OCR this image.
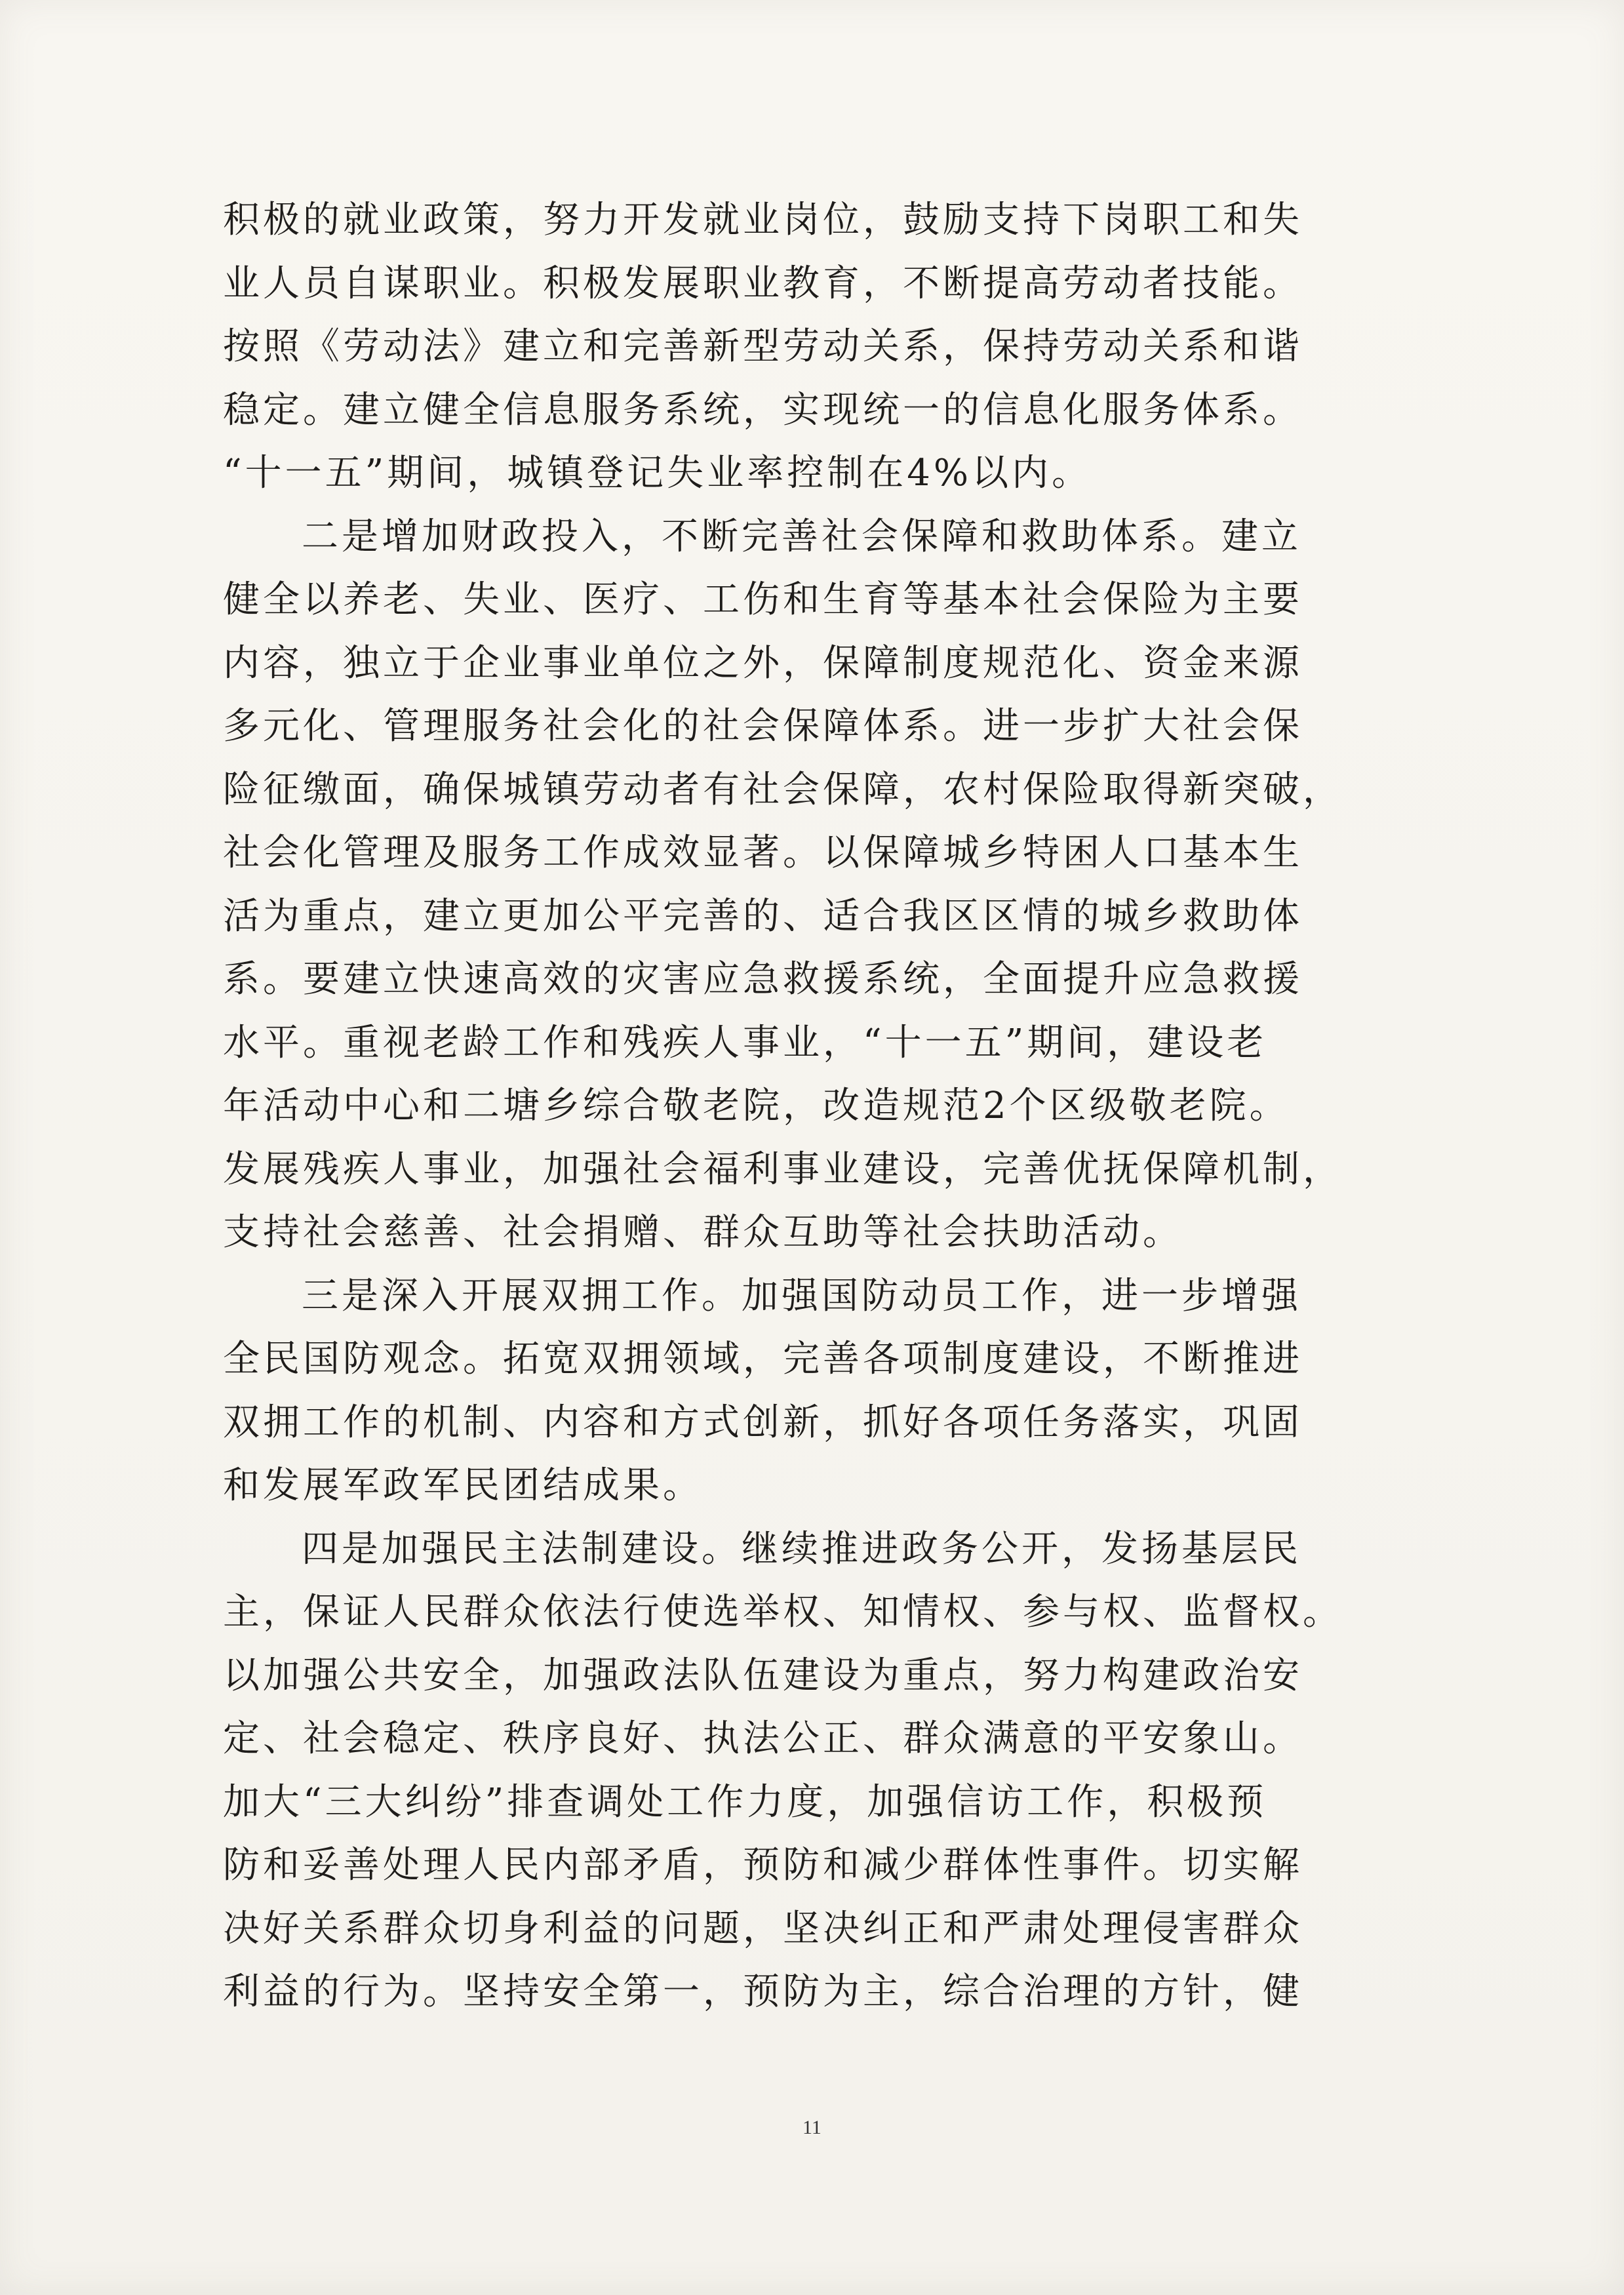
积极的就业政策，努力开发就业岗位，鼓励支持下岗职工和失
业人员自谋职业。积极发展职业教育，不断提高劳动者技能。
按照《劳动法》建立和完善新型劳动关系，保持劳动关系和谐
稳定。建立健全信息服务系统，实现统一的信息化服务体系。
“十一五”期间，城镇登记失业率控制在4%以内。
二是增加财政投入，不断完善社会保障和救助体系。建立
健全以养老、失业、医疗、工伤和生育等基本社会保险为主要
内容，独立于企业事业单位之外，保障制度规范化、资金来源
多元化、管理服务社会化的社会保障体系。进一步扩大社会保
险征缴面，确保城镇劳动者有社会保障，农村保险取得新突破，
社会化管理及服务工作成效显著。以保障城乡特困人口基本生
活为重点，建立更加公平完善的、适合我区区情的城乡救助体
系。要建立快速高效的灾害应急救援系统，全面提升应急救援
水平。重视老龄工作和残疾人事业，“十一五”期间，建设老
年活动中心和二塘乡综合敬老院，改造规范2个区级敬老院。
发展残疾人事业，加强社会福利事业建设，完善优抚保障机制，
支持社会慈善、社会捐赠、群众互助等社会扶助活动。
三是深入开展双拥工作。加强国防动员工作，进一步增强
全民国防观念。拓宽双拥领域，完善各项制度建设，不断推进
双拥工作的机制、内容和方式创新，抓好各项任务落实，巩固
和发展军政军民团结成果。
四是加强民主法制建设。继续推进政务公开，发扬基层民
主，保证人民群众依法行使选举权、知情权、参与权、监督权。
以加强公共安全，加强政法队伍建设为重点，努力构建政治安
定、社会稳定、秩序良好、执法公正、群众满意的平安象山。
加大“三大纠纷”排查调处工作力度，加强信访工作，积极预
防和妥善处理人民内部矛盾，预防和减少群体性事件。切实解
决好关系群众切身利益的问题，坚决纠正和严肃处理侵害群众
利益的行为。坚持安全第一，预防为主，综合治理的方针，健
11
